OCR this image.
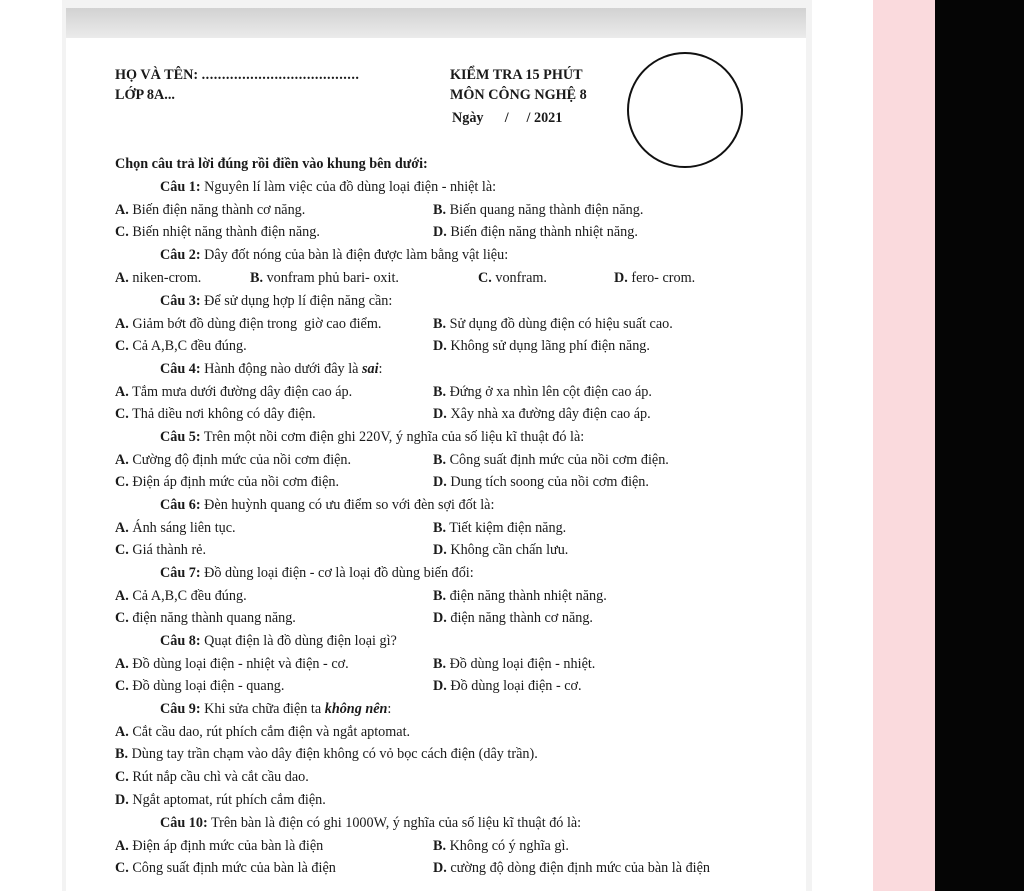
HỌ VÀ TÊN: .......................................
LỚP 8A...
KIỂM TRA 15 PHÚT
MÔN CÔNG NGHỆ 8
Ngày      /     / 2021
Chọn câu trả lời đúng rồi điền vào khung bên dưới:
Câu 1: Nguyên lí làm việc của đồ dùng loại điện - nhiệt là:
A. Biến điện năng thành cơ năng.	B. Biến quang năng thành điện năng.
C. Biến nhiệt năng thành điện năng.	D. Biến điện năng thành nhiệt năng.
Câu 2: Dây đốt nóng của bàn là điện được làm bằng vật liệu:
A. niken-crom.	B. vonfram phủ bari- oxit.	C. vonfram.	D. fero- crom.
Câu 3: Để sử dụng hợp lí điện năng cần:
A. Giảm bớt đồ dùng điện trong  giờ cao điểm.	B. Sử dụng đồ dùng điện có hiệu suất cao.
C. Cả A,B,C đều đúng.	D. Không sử dụng lãng phí điện năng.
Câu 4: Hành động nào dưới đây là sai:
A. Tắm mưa dưới đường dây điện cao áp.	B. Đứng ở xa nhìn lên cột điện cao áp.
C. Thả diều nơi không có dây điện.	D. Xây nhà xa đường dây điện cao áp.
Câu 5: Trên một nồi cơm điện ghi 220V, ý nghĩa của số liệu kĩ thuật đó là:
A. Cường độ định mức của nồi cơm điện.	B. Công suất định mức của nồi cơm điện.
C. Điện áp định mức của nồi cơm điện.	D. Dung tích soong của nồi cơm điện.
Câu 6: Đèn huỳnh quang có ưu điểm so với đèn sợi đốt là:
A. Ánh sáng liên tục.	B. Tiết kiệm điện năng.
C. Giá thành rẻ.	D. Không cần chấn lưu.
Câu 7: Đồ dùng loại điện - cơ là loại đồ dùng biến đổi:
A. Cả A,B,C đều đúng.	B. điện năng thành nhiệt năng.
C. điện năng thành quang năng.	D. điện năng thành cơ năng.
Câu 8: Quạt điện là đồ dùng điện loại gì?
A. Đồ dùng loại điện - nhiệt và điện - cơ.	B. Đồ dùng loại điện - nhiệt.
C. Đồ dùng loại điện - quang.	D. Đồ dùng loại điện - cơ.
Câu 9: Khi sửa chữa điện ta không nên:
A. Cắt cầu dao, rút phích cắm điện và ngắt aptomat.
B. Dùng tay trần chạm vào dây điện không có vỏ bọc cách điện (dây trần).
C. Rút nắp cầu chì và cắt cầu dao.
D. Ngắt aptomat, rút phích cắm điện.
Câu 10: Trên bàn là điện có ghi 1000W, ý nghĩa của số liệu kĩ thuật đó là:
A. Điện áp định mức của bàn là điện	B. Không có ý nghĩa gì.
C. Công suất định mức của bàn là điện	D. cường độ dòng điện định mức của bàn là điện
